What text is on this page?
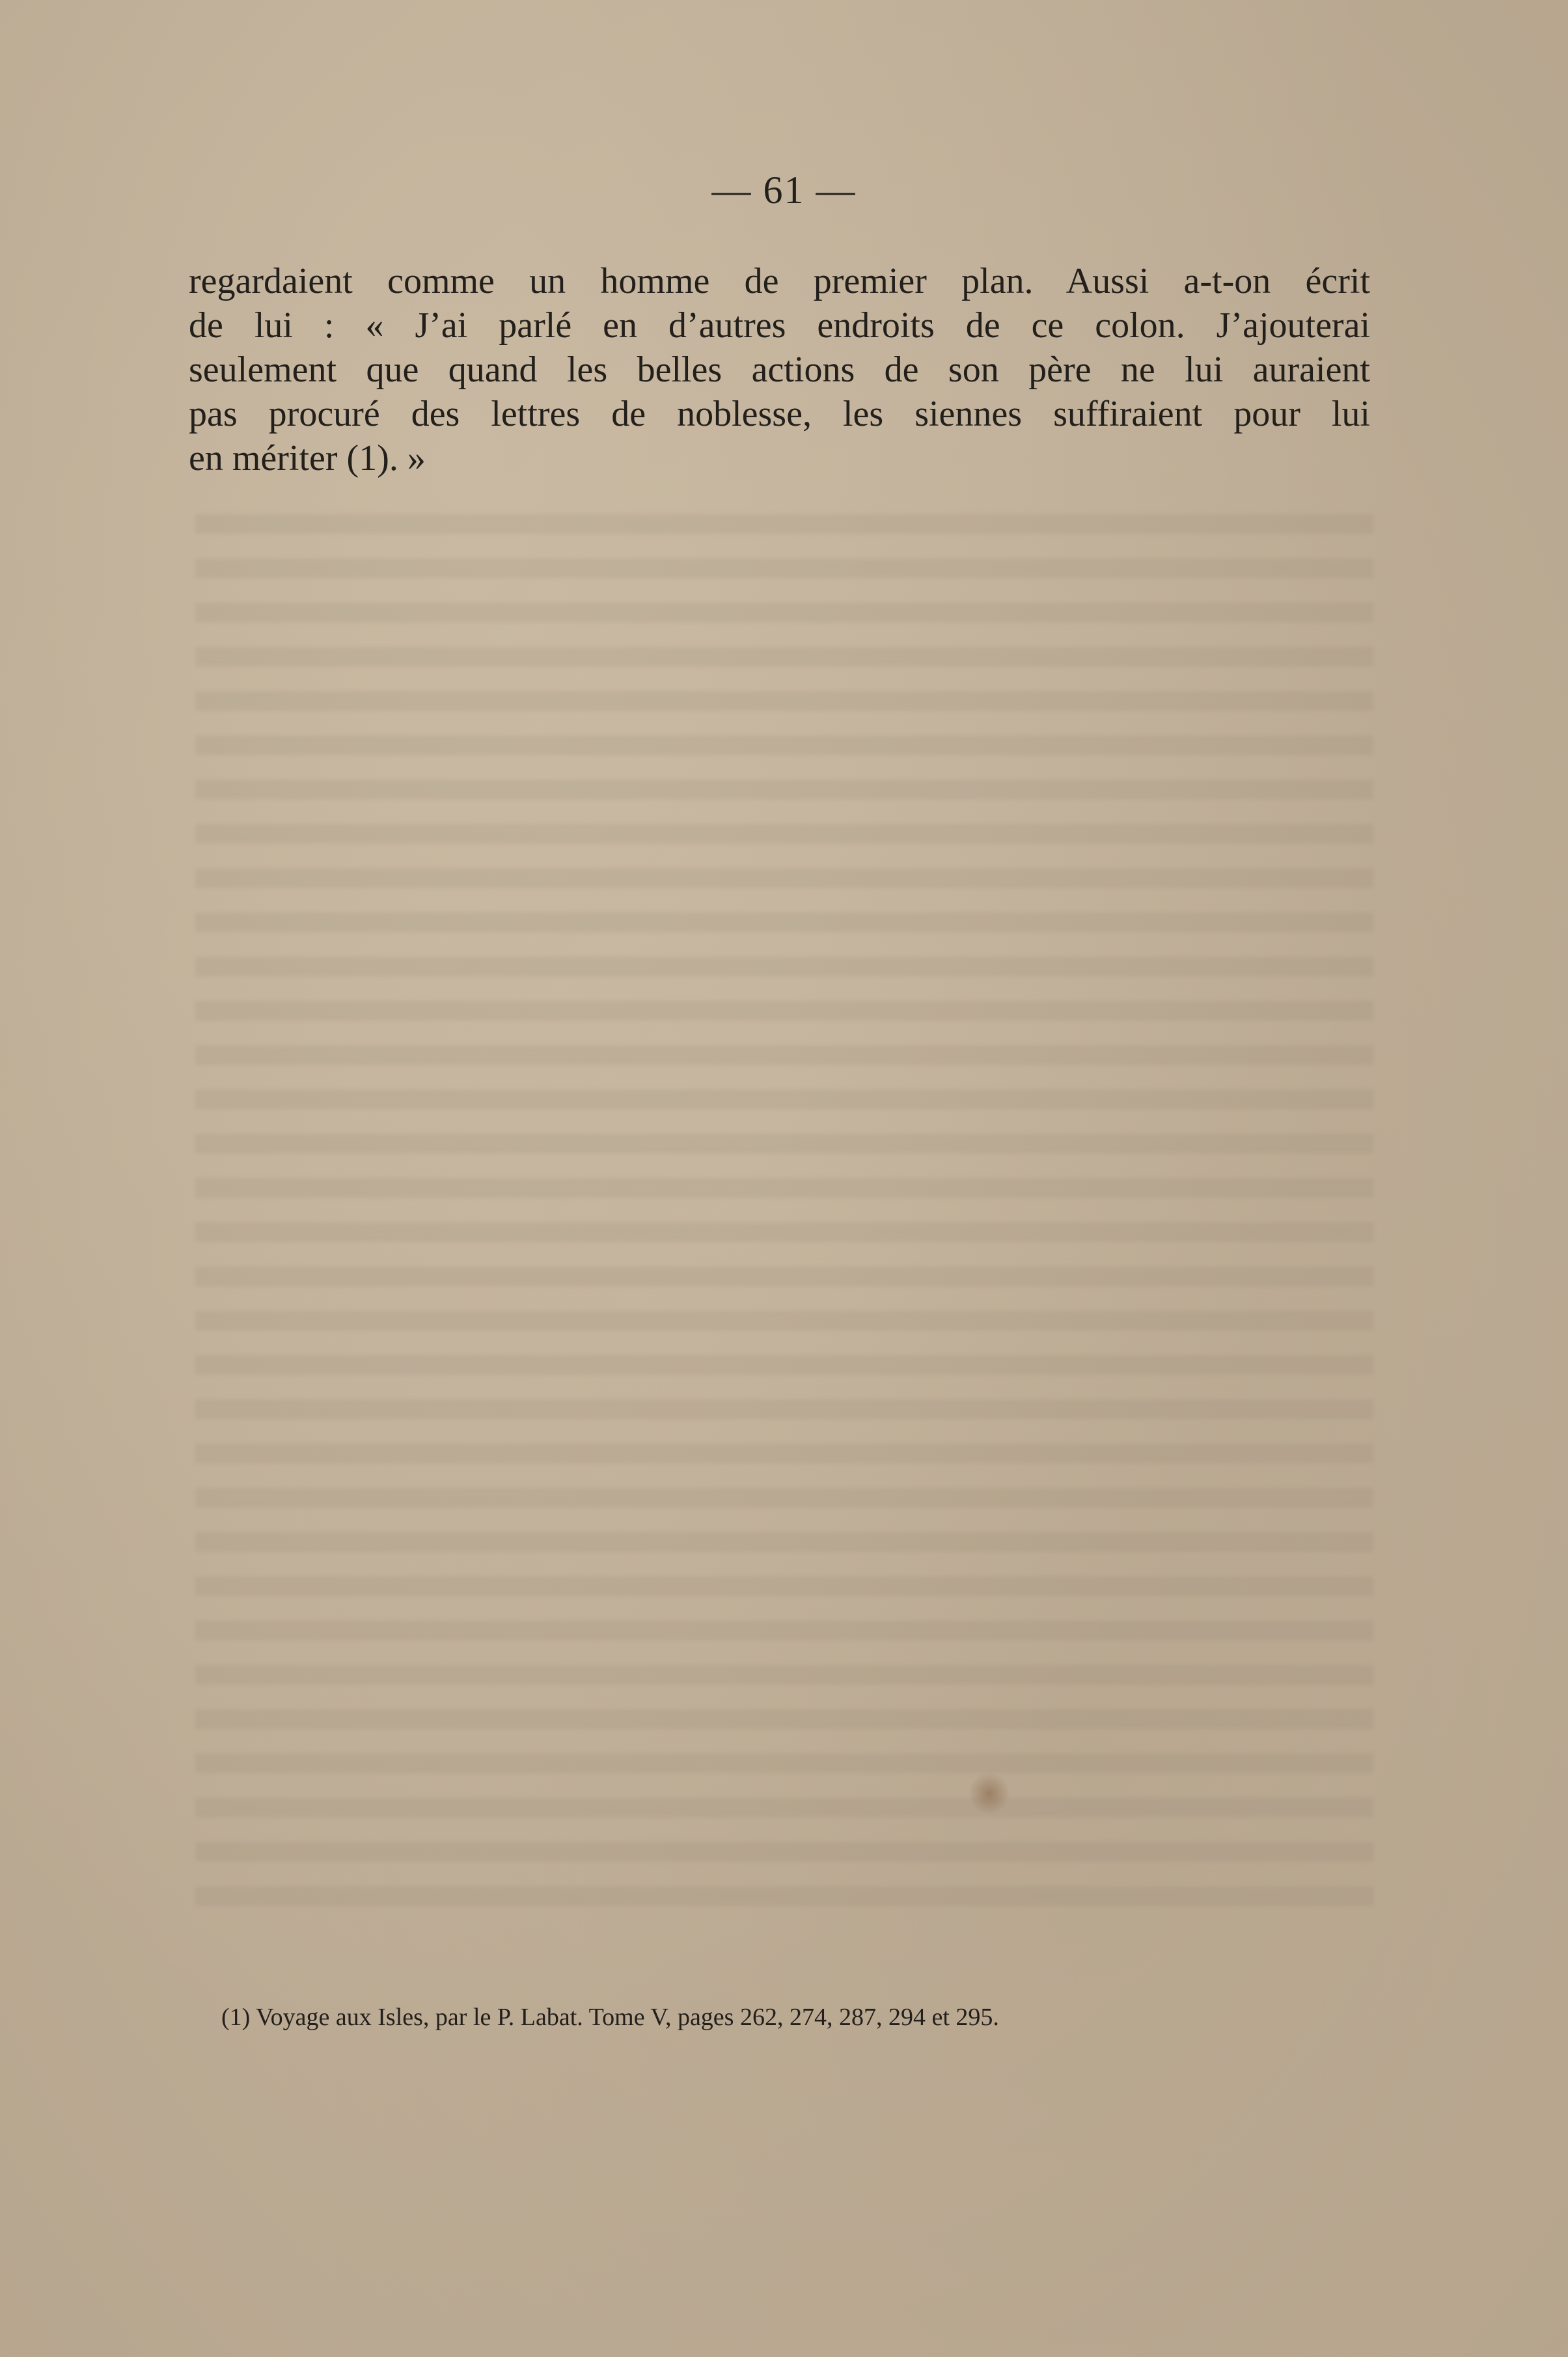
— 61 —
regardaient comme un homme de premier plan. Aussi a-t-on écrit
de lui : « J’ai parlé en d’autres endroits de ce colon. J’ajouterai
seulement que quand les belles actions de son père ne lui auraient
pas procuré des lettres de noblesse, les siennes suffiraient pour lui
en mériter (1). »
(1) Voyage aux Isles, par le P. Labat. Tome V, pages 262, 274, 287, 294 et 295.
